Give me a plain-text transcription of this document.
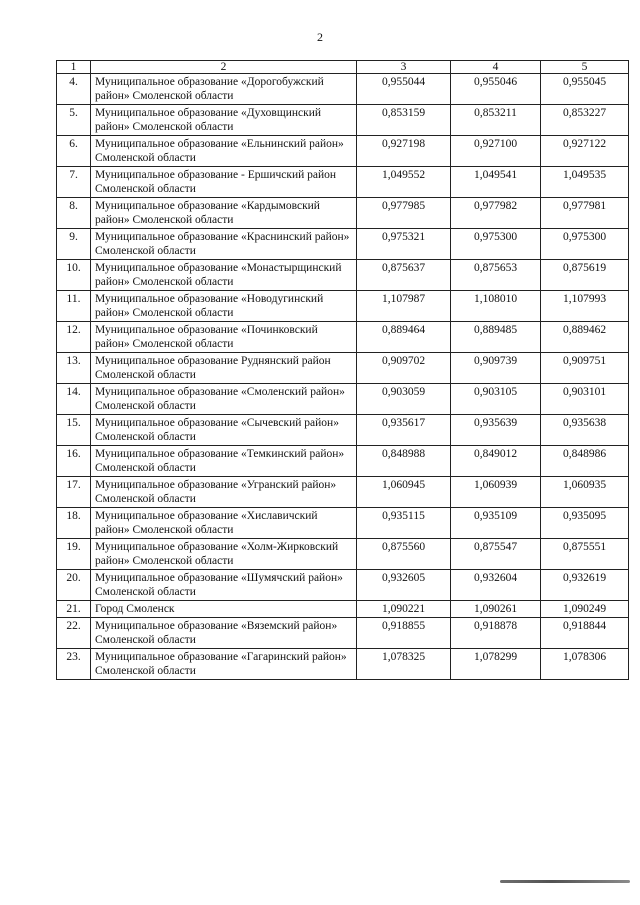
2
1	2	3	4	5
4.	Муниципальное образование «Дорогобужский район» Смоленской области	0,955044	0,955046	0,955045
5.	Муниципальное образование «Духовщинский район» Смоленской области	0,853159	0,853211	0,853227
6.	Муниципальное образование «Ельнинский район» Смоленской области	0,927198	0,927100	0,927122
7.	Муниципальное образование - Ершичский район Смоленской области	1,049552	1,049541	1,049535
8.	Муниципальное образование «Кардымовский район» Смоленской области	0,977985	0,977982	0,977981
9.	Муниципальное образование «Краснинский район» Смоленской области	0,975321	0,975300	0,975300
10.	Муниципальное образование «Монастырщинский район» Смоленской области	0,875637	0,875653	0,875619
11.	Муниципальное образование «Новодугинский район» Смоленской области	1,107987	1,108010	1,107993
12.	Муниципальное образование «Починковский район» Смоленской области	0,889464	0,889485	0,889462
13.	Муниципальное образование Руднянский район Смоленской области	0,909702	0,909739	0,909751
14.	Муниципальное образование «Смоленский район» Смоленской области	0,903059	0,903105	0,903101
15.	Муниципальное образование «Сычевский район» Смоленской области	0,935617	0,935639	0,935638
16.	Муниципальное образование «Темкинский район» Смоленской области	0,848988	0,849012	0,848986
17.	Муниципальное образование «Угранский район» Смоленской области	1,060945	1,060939	1,060935
18.	Муниципальное образование «Хиславичский район» Смоленской области	0,935115	0,935109	0,935095
19.	Муниципальное образование «Холм-Жирковский район» Смоленской области	0,875560	0,875547	0,875551
20.	Муниципальное образование «Шумячский район» Смоленской области	0,932605	0,932604	0,932619
21.	Город Смоленск	1,090221	1,090261	1,090249
22.	Муниципальное образование «Вяземский район» Смоленской области	0,918855	0,918878	0,918844
23.	Муниципальное образование «Гагаринский район» Смоленской области	1,078325	1,078299	1,078306
